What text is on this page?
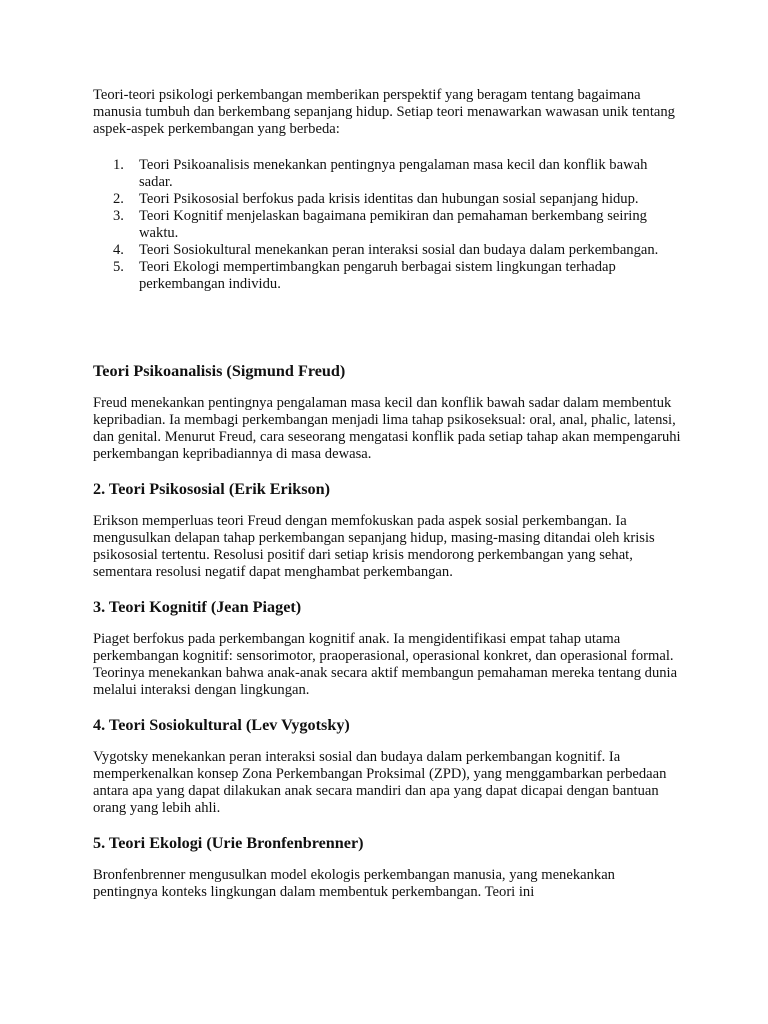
Teori-teori psikologi perkembangan memberikan perspektif yang beragam tentang bagaimana manusia tumbuh dan berkembang sepanjang hidup. Setiap teori menawarkan wawasan unik tentang aspek-aspek perkembangan yang berbeda:

1. Teori Psikoanalisis menekankan pentingnya pengalaman masa kecil dan konflik bawah sadar.
2. Teori Psikososial berfokus pada krisis identitas dan hubungan sosial sepanjang hidup.
3. Teori Kognitif menjelaskan bagaimana pemikiran dan pemahaman berkembang seiring waktu.
4. Teori Sosiokultural menekankan peran interaksi sosial dan budaya dalam perkembangan.
5. Teori Ekologi mempertimbangkan pengaruh berbagai sistem lingkungan terhadap perkembangan individu.
Teori Psikoanalisis (Sigmund Freud)

Freud menekankan pentingnya pengalaman masa kecil dan konflik bawah sadar dalam membentuk kepribadian. Ia membagi perkembangan menjadi lima tahap psikoseksual: oral, anal, phalic, latensi, dan genital. Menurut Freud, cara seseorang mengatasi konflik pada setiap tahap akan mempengaruhi perkembangan kepribadiannya di masa dewasa.

2. Teori Psikososial (Erik Erikson)

Erikson memperluas teori Freud dengan memfokuskan pada aspek sosial perkembangan. Ia mengusulkan delapan tahap perkembangan sepanjang hidup, masing-masing ditandai oleh krisis psikososial tertentu. Resolusi positif dari setiap krisis mendorong perkembangan yang sehat, sementara resolusi negatif dapat menghambat perkembangan.

3. Teori Kognitif (Jean Piaget)

Piaget berfokus pada perkembangan kognitif anak. Ia mengidentifikasi empat tahap utama perkembangan kognitif: sensorimotor, praoperasional, operasional konkret, dan operasional formal. Teorinya menekankan bahwa anak-anak secara aktif membangun pemahaman mereka tentang dunia melalui interaksi dengan lingkungan.

4. Teori Sosiokultural (Lev Vygotsky)

Vygotsky menekankan peran interaksi sosial dan budaya dalam perkembangan kognitif. Ia memperkenalkan konsep Zona Perkembangan Proksimal (ZPD), yang menggambarkan perbedaan antara apa yang dapat dilakukan anak secara mandiri dan apa yang dapat dicapai dengan bantuan orang yang lebih ahli.

5. Teori Ekologi (Urie Bronfenbrenner)

Bronfenbrenner mengusulkan model ekologis perkembangan manusia, yang menekankan pentingnya konteks lingkungan dalam membentuk perkembangan. Teori ini
